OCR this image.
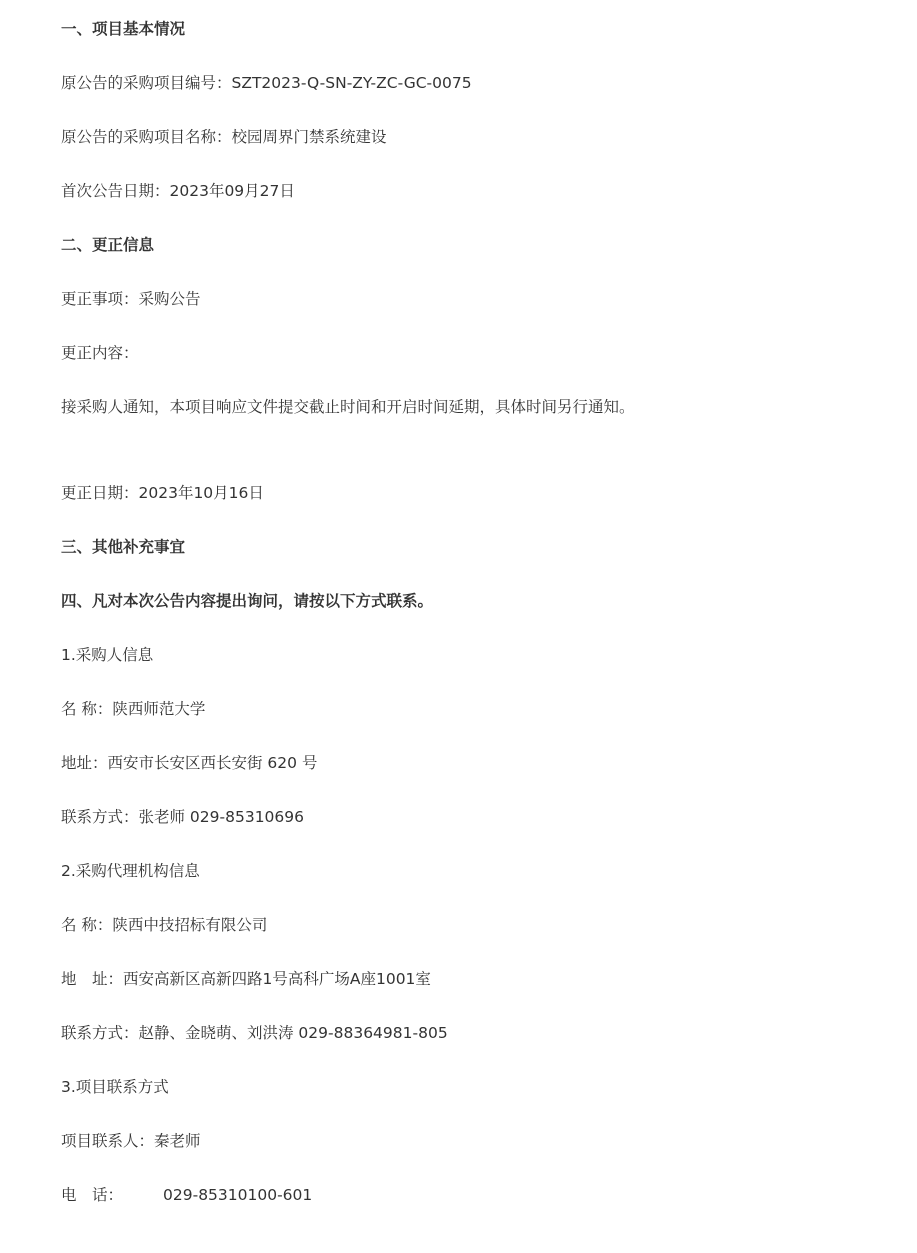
一、项目基本情况

原公告的采购项目编号：SZT2023-Q-SN-ZY-ZC-GC-0075

原公告的采购项目名称：校园周界门禁系统建设

首次公告日期：2023年09月27日

二、更正信息

更正事项：采购公告

更正内容：

接采购人通知，本项目响应文件提交截止时间和开启时间延期，具体时间另行通知。

更正日期：2023年10月16日

三、其他补充事宜
四、凡对本次公告内容提出询问，请按以下方式联系。

1.采购人信息

名 称：陕西师范大学

地址：西安市长安区西长安街 620 号

联系方式：张老师 029-85310696

2.采购代理机构信息

名 称：陕西中技招标有限公司

地　址：西安高新区高新四路1号高科广场A座1001室

联系方式：赵静、金晓萌、刘洪涛 029-88364981-805

3.项目联系方式

项目联系人：秦老师

电　话：	029-85310100-601
